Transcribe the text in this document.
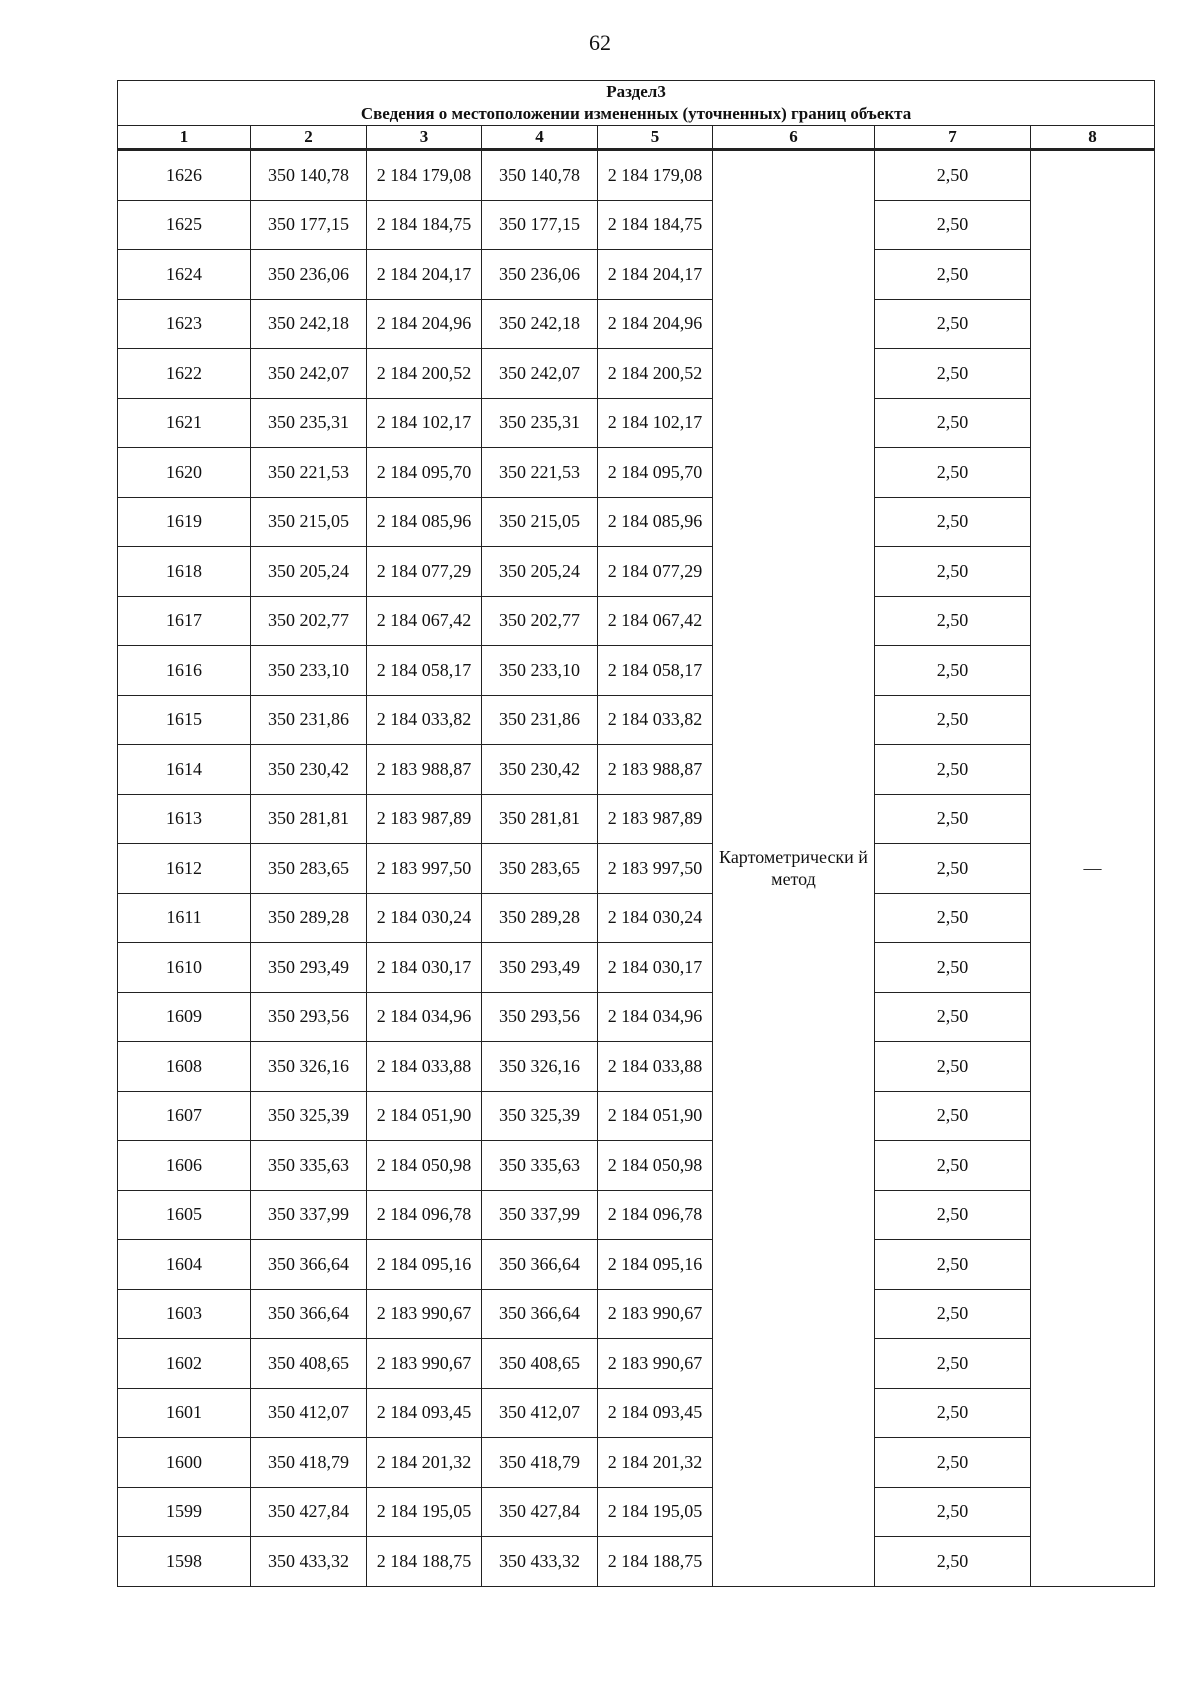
62
Раздел3							
Сведения о местоположении измененных (уточненных) границ объекта							
1	2	3	4	5	6	7	8
1626	350 140,78	2 184 179,08	350 140,78	2 184 179,08	Картометрически й метод	2,50	—
1625	350 177,15	2 184 184,75	350 177,15	2 184 184,75		2,50	
1624	350 236,06	2 184 204,17	350 236,06	2 184 204,17		2,50	
1623	350 242,18	2 184 204,96	350 242,18	2 184 204,96		2,50	
1622	350 242,07	2 184 200,52	350 242,07	2 184 200,52		2,50	
1621	350 235,31	2 184 102,17	350 235,31	2 184 102,17		2,50	
1620	350 221,53	2 184 095,70	350 221,53	2 184 095,70		2,50	
1619	350 215,05	2 184 085,96	350 215,05	2 184 085,96		2,50	
1618	350 205,24	2 184 077,29	350 205,24	2 184 077,29		2,50	
1617	350 202,77	2 184 067,42	350 202,77	2 184 067,42		2,50	
1616	350 233,10	2 184 058,17	350 233,10	2 184 058,17		2,50	
1615	350 231,86	2 184 033,82	350 231,86	2 184 033,82		2,50	
1614	350 230,42	2 183 988,87	350 230,42	2 183 988,87		2,50	
1613	350 281,81	2 183 987,89	350 281,81	2 183 987,89		2,50	
1612	350 283,65	2 183 997,50	350 283,65	2 183 997,50		2,50	
1611	350 289,28	2 184 030,24	350 289,28	2 184 030,24		2,50	
1610	350 293,49	2 184 030,17	350 293,49	2 184 030,17		2,50	
1609	350 293,56	2 184 034,96	350 293,56	2 184 034,96		2,50	
1608	350 326,16	2 184 033,88	350 326,16	2 184 033,88		2,50	
1607	350 325,39	2 184 051,90	350 325,39	2 184 051,90		2,50	
1606	350 335,63	2 184 050,98	350 335,63	2 184 050,98		2,50	
1605	350 337,99	2 184 096,78	350 337,99	2 184 096,78		2,50	
1604	350 366,64	2 184 095,16	350 366,64	2 184 095,16		2,50	
1603	350 366,64	2 183 990,67	350 366,64	2 183 990,67		2,50	
1602	350 408,65	2 183 990,67	350 408,65	2 183 990,67		2,50	
1601	350 412,07	2 184 093,45	350 412,07	2 184 093,45		2,50	
1600	350 418,79	2 184 201,32	350 418,79	2 184 201,32		2,50	
1599	350 427,84	2 184 195,05	350 427,84	2 184 195,05		2,50	
1598	350 433,32	2 184 188,75	350 433,32	2 184 188,75		2,50	
